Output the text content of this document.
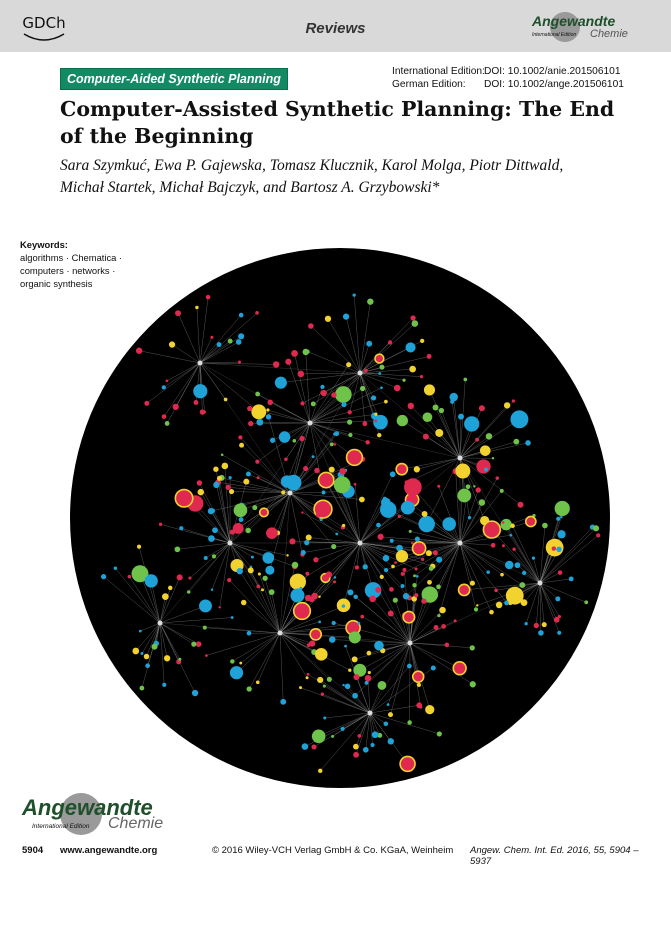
GDCh	Reviews	Angewandte
International Edition Chemie
Computer-Aided Synthetic Planning
International Edition:DOI: 10.1002/anie.201506101
German Edition: DOI: 10.1002/ange.201506101
Computer-Assisted Synthetic Planning: The End of the Beginning
Sara Szymkuć, Ewa P. Gajewska, Tomasz Klucznik, Karol Molga, Piotr Dittwald,
Michał Startek, Michał Bajczyk, and Bartosz A. Grzybowski*
Keywords:
algorithms · Chematica ·
computers · networks ·
organic synthesis
Angewandte
International Edition Chemie
5904 www.angewandte.org	© 2016 Wiley-VCH Verlag GmbH & Co. KGaA, Weinheim Angew. Chem. Int. Ed. 2016, 55, 5904 – 5937
